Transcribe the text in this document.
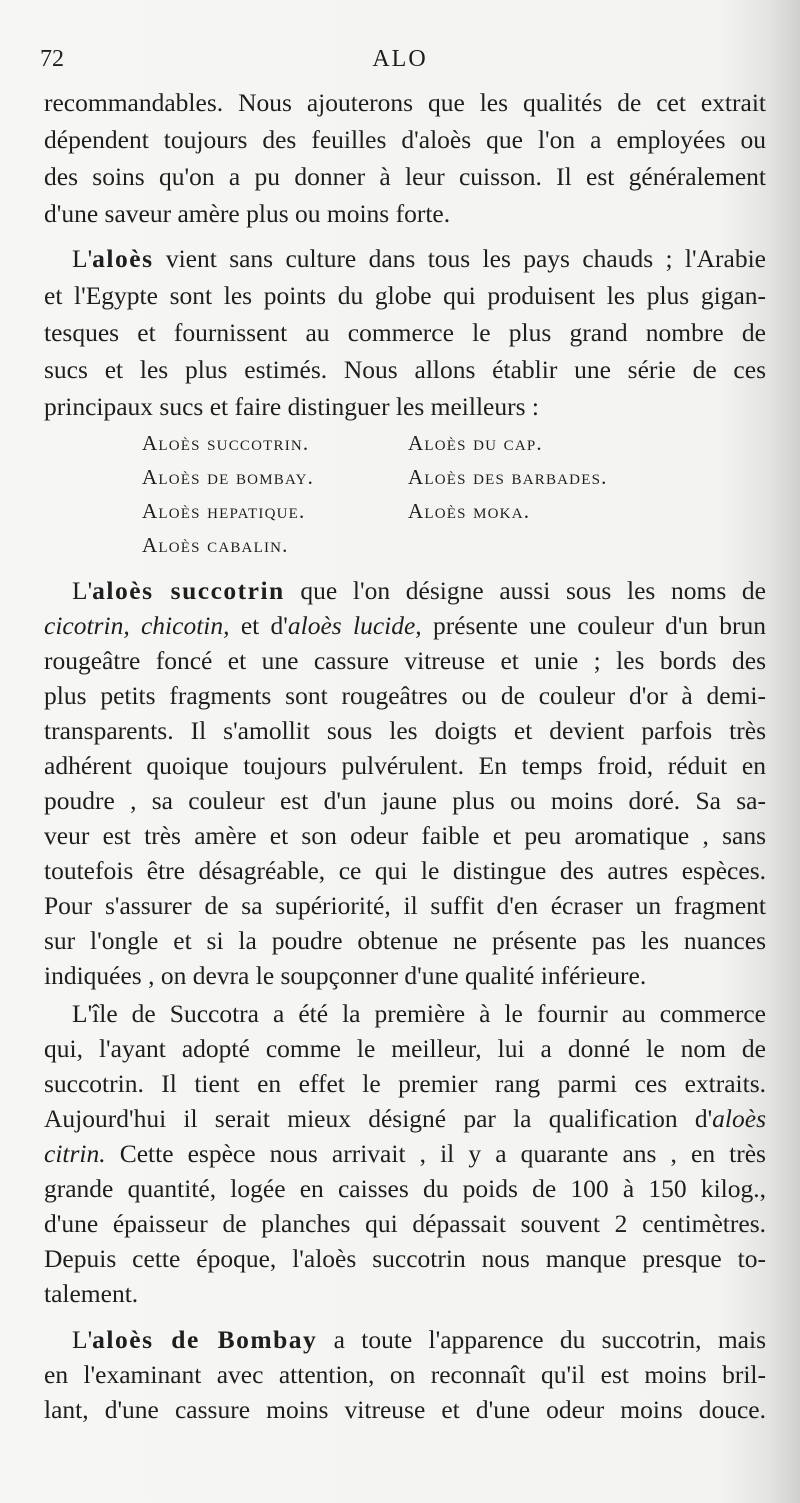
72	ALO
recommandables. Nous ajouterons que les qualités de cet extrait
dépendent toujours des feuilles d'aloès que l'on a employées ou
des soins qu'on a pu donner à leur cuisson. Il est généralement
d'une saveur amère plus ou moins forte.
L'aloès vient sans culture dans tous les pays chauds ; l'Arabie
et l'Egypte sont les points du globe qui produisent les plus gigan-
tesques et fournissent au commerce le plus grand nombre de
sucs et les plus estimés. Nous allons établir une série de ces
principaux sucs et faire distinguer les meilleurs :
Aloès succotrin.	Aloès du cap.
Aloès de bombay.	Aloès des barbades.
Aloès hepatique.	Aloès moka.
Aloès cabalin.
L'aloès succotrin que l'on désigne aussi sous les noms de
cicotrin, chicotin, et d'aloès lucide, présente une couleur d'un brun
rougeâtre foncé et une cassure vitreuse et unie ; les bords des
plus petits fragments sont rougeâtres ou de couleur d'or à demi-
transparents. Il s'amollit sous les doigts et devient parfois très
adhérent quoique toujours pulvérulent. En temps froid, réduit en
poudre , sa couleur est d'un jaune plus ou moins doré. Sa sa-
veur est très amère et son odeur faible et peu aromatique , sans
toutefois être désagréable, ce qui le distingue des autres espèces.
Pour s'assurer de sa supériorité, il suffit d'en écraser un fragment
sur l'ongle et si la poudre obtenue ne présente pas les nuances
indiquées , on devra le soupçonner d'une qualité inférieure.
L'île de Succotra a été la première à le fournir au commerce
qui, l'ayant adopté comme le meilleur, lui a donné le nom de
succotrin. Il tient en effet le premier rang parmi ces extraits.
Aujourd'hui il serait mieux désigné par la qualification d'aloès
citrin. Cette espèce nous arrivait , il y a quarante ans , en très
grande quantité, logée en caisses du poids de 100 à 150 kilog.,
d'une épaisseur de planches qui dépassait souvent 2 centimètres.
Depuis cette époque, l'aloès succotrin nous manque presque to-
talement.
L'aloès de Bombay a toute l'apparence du succotrin, mais
en l'examinant avec attention, on reconnaît qu'il est moins bril-
lant, d'une cassure moins vitreuse et d'une odeur moins douce.
